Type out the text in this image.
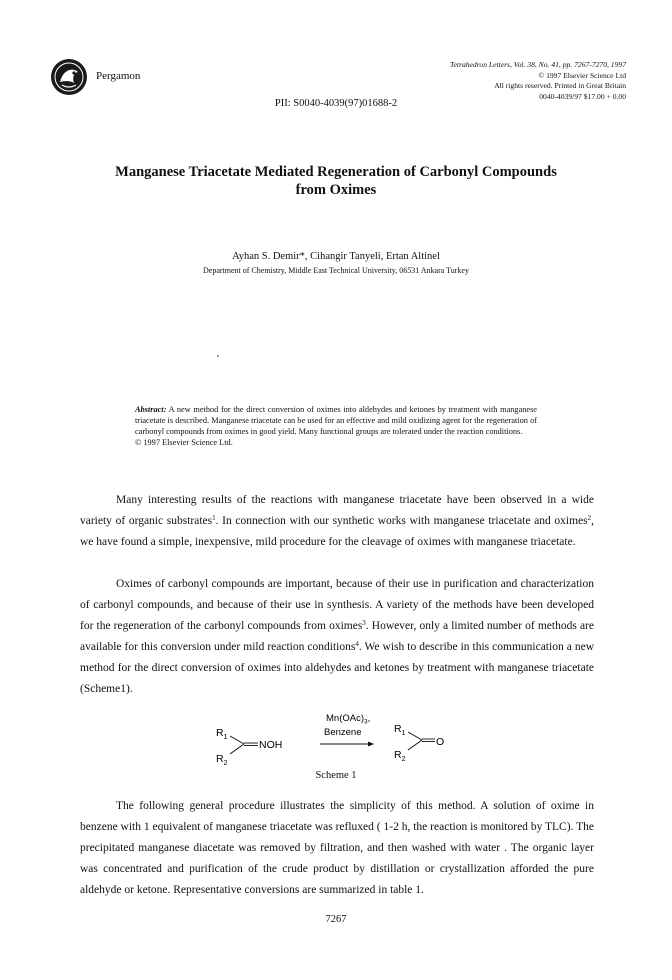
Pergamon
Tetrahedron Letters, Vol. 38, No. 41, pp. 7267-7270, 1997
© 1997 Elsevier Science Ltd
All rights reserved. Printed in Great Britain
0040-4039/97 $17.00 + 0.00
PII: S0040-4039(97)01688-2
Manganese Triacetate Mediated Regeneration of Carbonyl Compounds
from Oximes
Ayhan S. Demir*, Cihangir Tanyeli, Ertan Altinel
Department of Chemistry, Middle East Technical University, 06531 Ankara Turkey
Abstract: A new method for the direct conversion of oximes into aldehydes and ketones by treatment with manganese triacetate is described. Manganese triacetate can be used for an effective and mild oxidizing agent for the regeneration of carbonyl compounds from oximes in good yield. Many functional groups are tolerated under the reaction conditions.
© 1997 Elsevier Science Ltd.

Many interesting results of the reactions with manganese triacetate have been observed in a wide variety of organic substrates$^1$. In connection with our synthetic works with manganese triacetate and oximes$^2$, we have found a simple, inexpensive, mild procedure for the cleavage of oximes with manganese triacetate.

Oximes of carbonyl compounds are important, because of their use in purification and characterization of carbonyl compounds, and because of their use in synthesis. A variety of the methods have been developed for the regeneration of the carbonyl compounds from oximes$^3$. However, only a limited number of methods are available for this conversion under mild reaction conditions$^4$. We wish to describe in this communication a new method for the direct conversion of oximes into aldehydes and ketones by treatment with manganese triacetate (Scheme1).

$R_1$
$R_2$
NOH
$Mn(OAc)_3$,
Benzene	$R_1$
$R_2$
O
Scheme 1

The following general procedure illustrates the simplicity of this method. A solution of oxime in benzene with 1 equivalent of manganese triacetate was refluxed ( 1-2 h, the reaction is monitored by TLC). The precipitated manganese diacetate was removed by filtration, and then washed with water . The organic layer was concentrated and purification of the crude product by distillation or crystallization afforded the pure aldehyde or ketone. Representative conversions are summarized in table 1.

7267
